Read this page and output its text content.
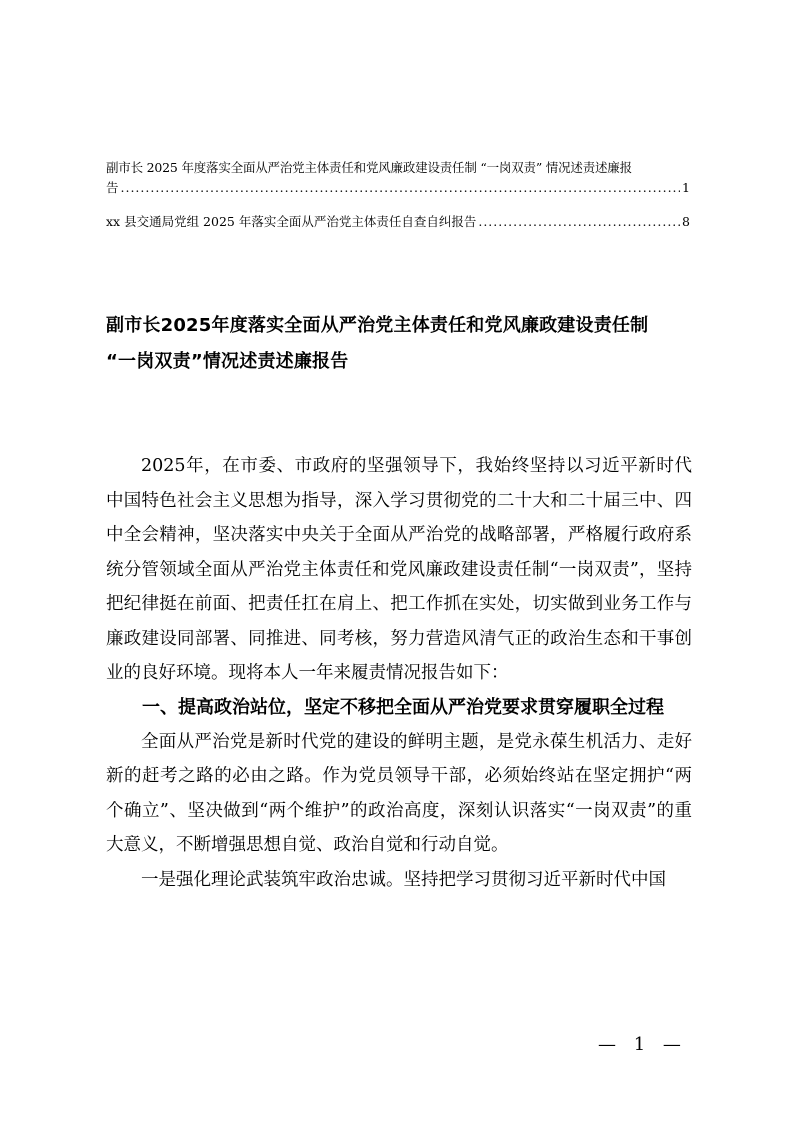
副市长 2025 年度落实全面从严治党主体责任和党风廉政建设责任制 “一岗双责” 情况述责述廉报
告 .....	1
xx 县交通局党组 2025 年落实全面从严治党主体责任自查自纠报告 .....	8
副市长2025年度落实全面从严治党主体责任和党风廉政建设责任制
“一岗双责”情况述责述廉报告

2025年，在市委、市政府的坚强领导下，我始终坚持以习近平新时代中国特色社会主义思想为指导，深入学习贯彻党的二十大和二十届三中、四中全会精神，坚决落实中央关于全面从严治党的战略部署，严格履行政府系统分管领域全面从严治党主体责任和党风廉政建设责任制“一岗双责”，坚持把纪律挺在前面、把责任扛在肩上、把工作抓在实处，切实做到业务工作与廉政建设同部署、同推进、同考核，努力营造风清气正的政治生态和干事创业的良好环境。现将本人一年来履责情况报告如下：

一、提高政治站位，坚定不移把全面从严治党要求贯穿履职全过程

全面从严治党是新时代党的建设的鲜明主题，是党永葆生机活力、走好新的赶考之路的必由之路。作为党员领导干部，必须始终站在坚定拥护“两个确立”、坚决做到“两个维护”的政治高度，深刻认识落实“一岗双责”的重大意义，不断增强思想自觉、政治自觉和行动自觉。

一是强化理论武装筑牢政治忠诚。坚持把学习贯彻习近平新时代中国

— 1 —
